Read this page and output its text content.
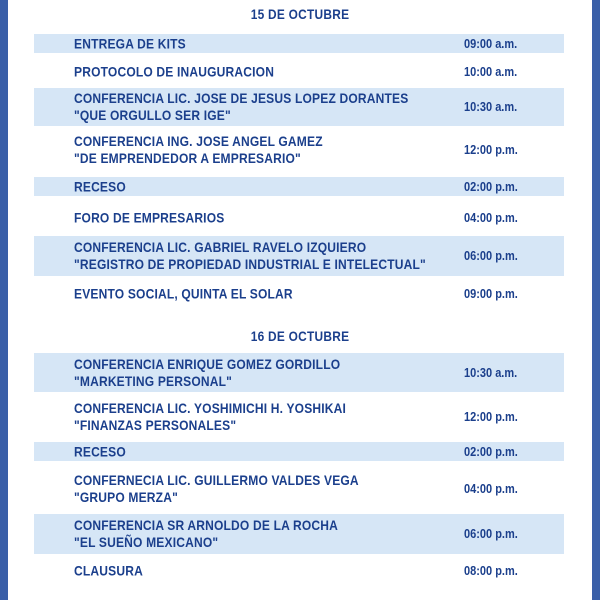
15 DE OCTUBRE
ENTREGA DE KITS	09:00 a.m.
PROTOCOLO DE INAUGURACION	10:00 a.m.
CONFERENCIA LIC. JOSE DE JESUS LOPEZ DORANTES
"QUE ORGULLO SER IGE"	10:30 a.m.
CONFERENCIA ING. JOSE ANGEL GAMEZ
"DE EMPRENDEDOR A EMPRESARIO"	12:00 p.m.
RECESO	02:00 p.m.
FORO DE EMPRESARIOS	04:00 p.m.
CONFERENCIA LIC. GABRIEL RAVELO IZQUIERO
"REGISTRO DE PROPIEDAD INDUSTRIAL E INTELECTUAL"	06:00 p.m.
EVENTO SOCIAL, QUINTA EL SOLAR	09:00 p.m.
16 DE OCTUBRE
CONFERENCIA ENRIQUE GOMEZ GORDILLO
"MARKETING PERSONAL"	10:30 a.m.
CONFERENCIA LIC. YOSHIMICHI H. YOSHIKAI
"FINANZAS PERSONALES"	12:00 p.m.
RECESO	02:00 p.m.
CONFERNECIA LIC. GUILLERMO VALDES VEGA
"GRUPO MERZA"	04:00 p.m.
CONFERENCIA SR ARNOLDO DE LA ROCHA
"EL SUEÑO MEXICANO"	06:00 p.m.
CLAUSURA	08:00 p.m.
